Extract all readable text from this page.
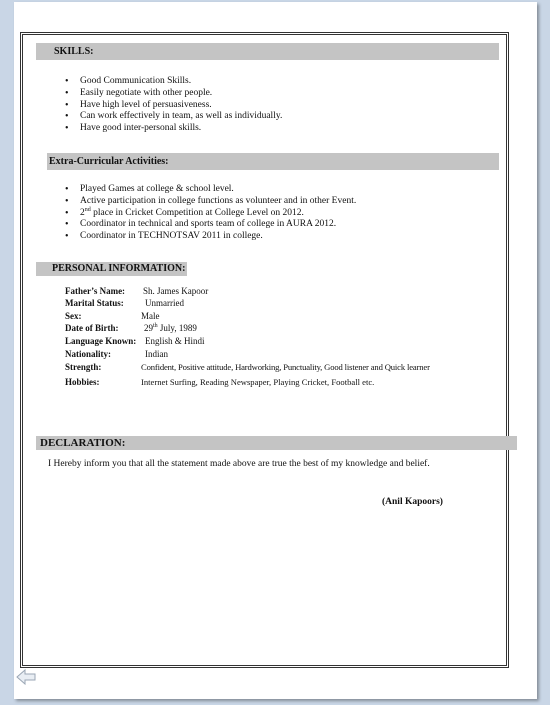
SKILLS:
• Good Communication Skills.
• Easily negotiate with other people.
• Have high level of persuasiveness.
• Can work effectively in team, as well as individually.
• Have good inter-personal skills.
Extra-Curricular Activities:
• Played Games at college & school level.
• Active participation in college functions as volunteer and in other Event.
• 2nd place in Cricket Competition at College Level on 2012.
• Coordinator in technical and sports team of college in AURA 2012.
• Coordinator in TECHNOTSAV 2011 in college.
PERSONAL INFORMATION:
Father’s Name: Sh. James Kapoor
Marital Status: Unmarried
Sex:	Male
Date of Birth:	29th July, 1989
Language Known: English & Hindi
Nationality:	Indian
Strength:	Confident, Positive attitude, Hardworking, Punctuality, Good listener and Quick learner
Hobbies:	Internet Surfing, Reading Newspaper, Playing Cricket, Football etc.
DECLARATION:
I Hereby inform you that all the statement made above are true the best of my knowledge and belief.
(Anil Kapoors)
